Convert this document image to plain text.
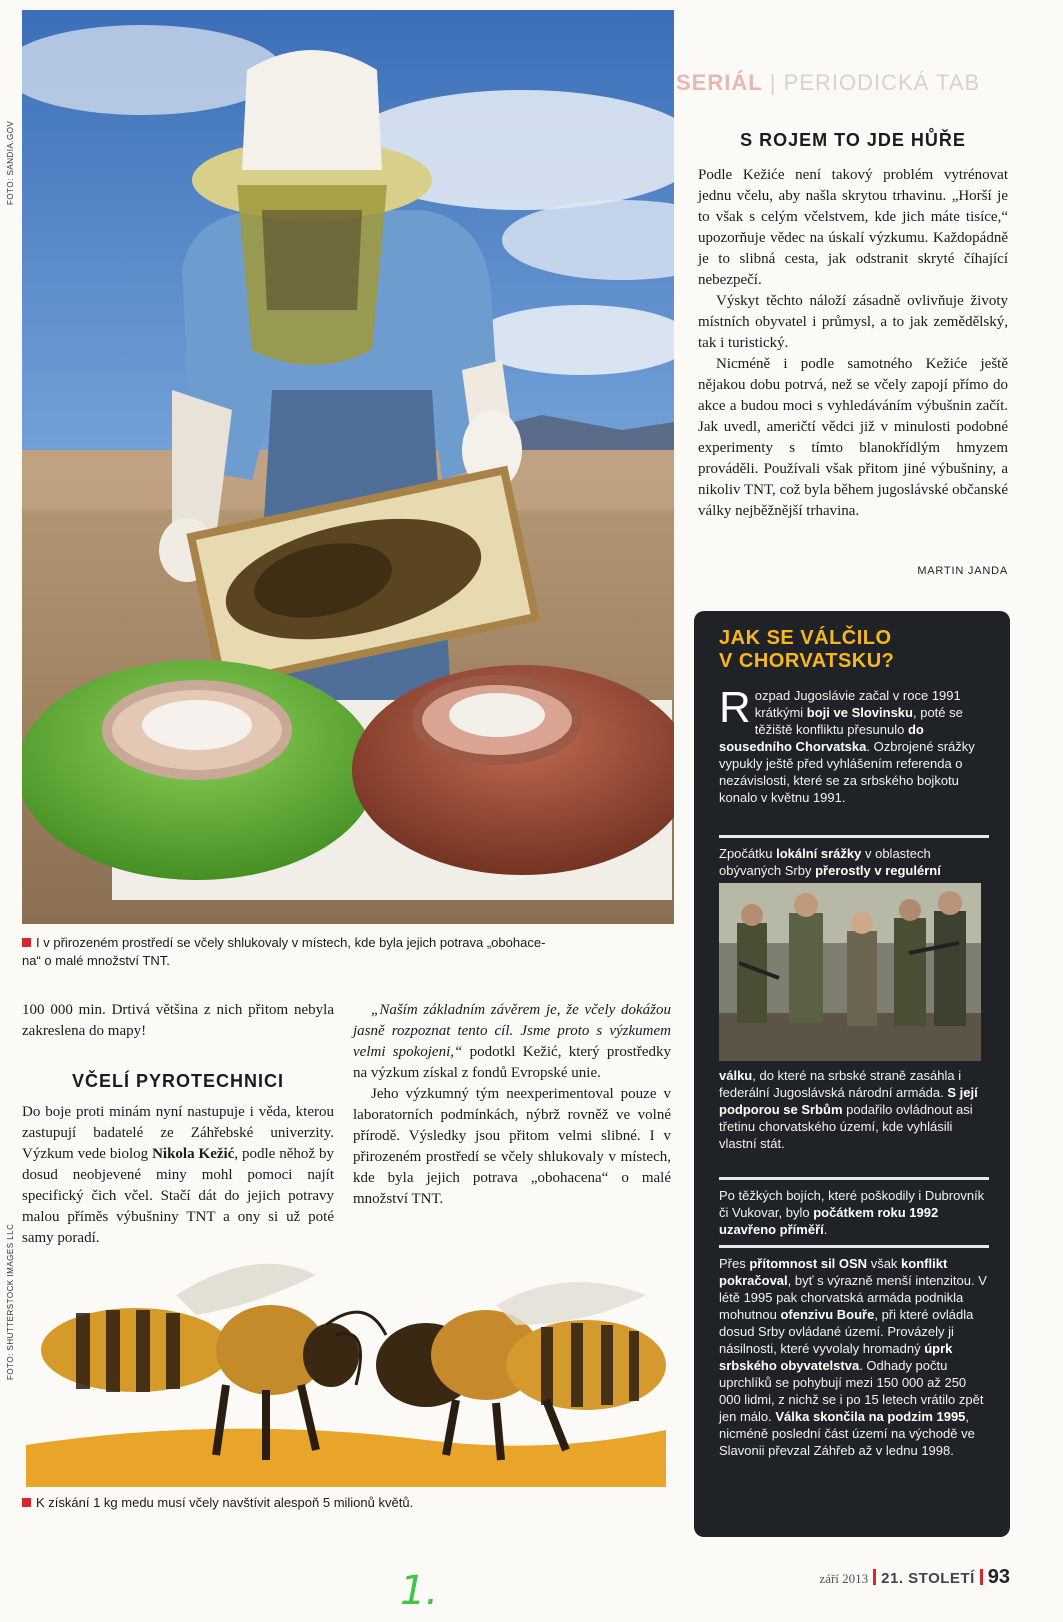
FOTO: SANDIA.GOV
FOTO: SHUTTERSTOCK IMAGES LLC
SERIÁL | PERIODICKÁ TAB
I v přirozeném prostředí se včely shlukovaly v místech, kde byla jejich potrava „obohace-
na“ o malé množství TNT.
S ROJEM TO JDE HŮŘE

Podle Kežiće není takový problém vytrénovat jednu včelu, aby našla skrytou trhavinu. „Horší je to však s celým včelstvem, kde jich máte tisíce,“ upozorňuje vědec na úskalí výzkumu. Každopádně je to slibná cesta, jak odstranit skryté číhající nebezpečí.

Výskyt těchto náloží zásadně ovlivňuje životy místních obyvatel i průmysl, a to jak zemědělský, tak i turistický.

Nicméně i podle samotného Kežiće ještě nějakou dobu potrvá, než se včely zapojí přímo do akce a budou moci s vyhledáváním výbušnin začít. Jak uvedl, američtí vědci již v minulosti podobné experimenty s tímto blanokřídlým hmyzem prováděli. Používali však přitom jiné výbušniny, a nikoliv TNT, což byla během jugoslávské občanské války nejběžnější trhavina.

MARTIN JANDA

100 000 min. Drtivá většina z nich přitom nebyla zakreslena do mapy!

VČELÍ PYROTECHNICI

Do boje proti minám nyní nastupuje i věda, kterou zastupují badatelé ze Záhřebské univerzity. Výzkum vede biolog Nikola Kežić, podle něhož by dosud neobjevené miny mohl pomoci najít specifický čich včel. Stačí dát do jejich potravy malou příměs výbušniny TNT a ony si už poté samy poradí.

„Naším základním závěrem je, že včely dokážou jasně rozpoznat tento cíl. Jsme proto s výzkumem velmi spokojeni,“ podotkl Kežić, který prostředky na výzkum získal z fondů Evropské unie.

Jeho výzkumný tým neexperimentoval pouze v laboratorních podmínkách, nýbrž rovněž ve volné přírodě. Výsledky jsou přitom velmi slibné. I v přirozeném prostředí se včely shlukovaly v místech, kde byla jejich potrava „obohacena“ o malé množství TNT.

K získání 1 kg medu musí včely navštívit alespoň 5 milionů květů.
JAK SE VÁLČILO
V CHORVATSKU?
Rozpad Jugoslávie začal v roce 1991 krátkými boji ve Slovinsku, poté se těžiště konfliktu přesunulo do sousedního Chorvatska. Ozbrojené srážky vypukly ještě před vyhlášením referenda o nezávislosti, které se za srbského bojkotu konalo v květnu 1991.
Zpočátku lokální srážky v oblastech obývaných Srby přerostly v regulérní
válku, do které na srbské straně zasáhla i federální Jugoslávská národní armáda. S její podporou se Srbům podařilo ovládnout asi třetinu chorvatského území, kde vyhlásili vlastní stát.
Po těžkých bojích, které poškodily i Dubrovník či Vukovar, bylo počátkem roku 1992 uzavřeno příměří.
Přes přítomnost sil OSN však konflikt pokračoval, byť s výrazně menší intenzitou. V létě 1995 pak chorvatská armáda podnikla mohutnou ofenzivu Bouře, při které ovládla dosud Srby ovládané území. Provázely ji násilnosti, které vyvolaly hromadný úprk srbského obyvatelstva. Odhady počtu uprchlíků se pohybují mezi 150 000 až 250 000 lidmi, z nichž se i po 15 letech vrátilo zpět jen málo. Válka skončila na podzim 1995, nicméně poslední část území na východě ve Slavonii převzal Záhřeb až v lednu 1998.
1.	září 2013 21. STOLETÍ 93
